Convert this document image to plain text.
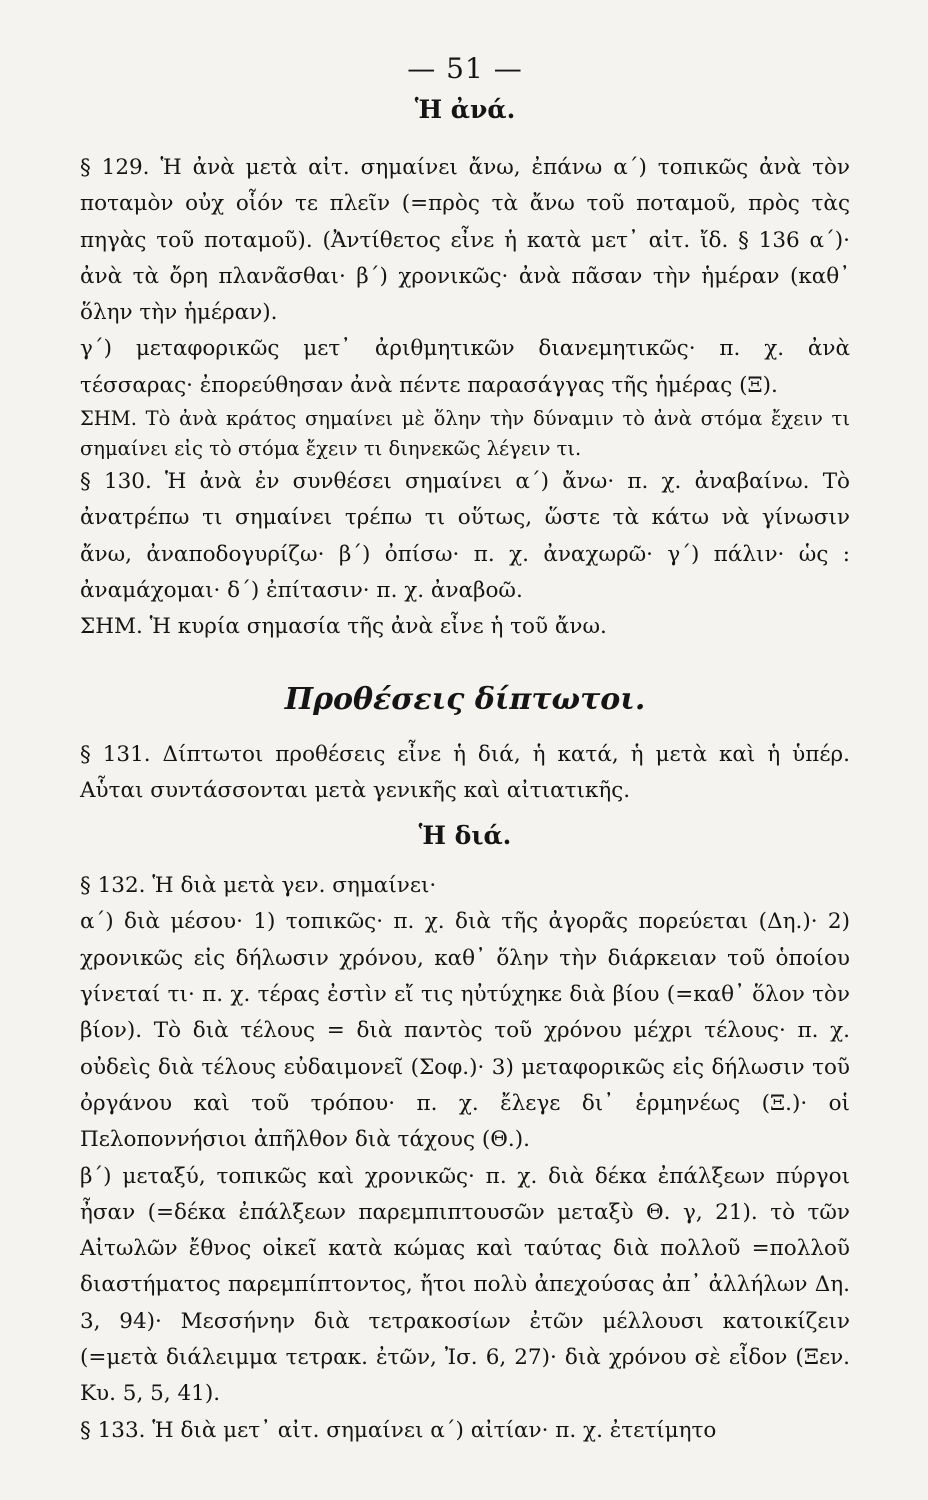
— 51 —
Ἡ ἀνά.

§ 129. Ἡ ἀνὰ μετὰ αἰτ. σημαίνει ἄνω, ἐπάνω α΄) τοπικῶς ἀνὰ τὸν ποταμὸν οὐχ οἷόν τε πλεῖν (=πρὸς τὰ ἄνω τοῦ ποταμοῦ, πρὸς τὰς πηγὰς τοῦ ποταμοῦ). (Ἀντίθετος εἶνε ἡ κατὰ μετ᾿ αἰτ. ἴδ. § 136 α΄)· ἀνὰ τὰ ὄρη πλανᾶσθαι· β΄) χρονικῶς· ἀνὰ πᾶσαν τὴν ἡμέραν (καθ᾿ ὅλην τὴν ἡμέραν).

γ΄) μεταφορικῶς μετ᾿ ἀριθμητικῶν διανεμητικῶς· π. χ. ἀνὰ τέσσαρας· ἐπορεύθησαν ἀνὰ πέντε παρασάγγας τῆς ἡμέρας (Ξ).

ΣΗΜ. Τὸ ἀνὰ κράτος σημαίνει μὲ ὅλην τὴν δύναμιν τὸ ἀνὰ στόμα ἔχειν τι σημαίνει εἰς τὸ στόμα ἔχειν τι διηνεκῶς λέγειν τι.

§ 130. Ἡ ἀνὰ ἐν συνθέσει σημαίνει α΄) ἄνω· π. χ. ἀναβαίνω. Τὸ ἀνατρέπω τι σημαίνει τρέπω τι οὕτως, ὥστε τὰ κάτω νὰ γίνωσιν ἄνω, ἀναποδογυρίζω· β΄) ὀπίσω· π. χ. ἀναχωρῶ· γ΄) πάλιν· ὡς : ἀναμάχομαι· δ΄) ἐπίτασιν· π. χ. ἀναβοῶ.

ΣΗΜ. Ἡ κυρία σημασία τῆς ἀνὰ εἶνε ἡ τοῦ ἄνω.

Προθέσεις δίπτωτοι.

§ 131. Δίπτωτοι προθέσεις εἶνε ἡ διά, ἡ κατά, ἡ μετὰ καὶ ἡ ὑπέρ. Αὗται συντάσσονται μετὰ γενικῆς καὶ αἰτιατικῆς.

Ἡ διά.

§ 132. Ἡ διὰ μετὰ γεν. σημαίνει·

α΄) διὰ μέσου· 1) τοπικῶς· π. χ. διὰ τῆς ἀγορᾶς πορεύεται (Δη.)· 2) χρονικῶς εἰς δήλωσιν χρόνου, καθ᾿ ὅλην τὴν διάρκειαν τοῦ ὁποίου γίνεταί τι· π. χ. τέρας ἐστὶν εἴ τις ηὐτύχηκε διὰ βίου (=καθ᾿ ὅλον τὸν βίον). Τὸ διὰ τέλους = διὰ παντὸς τοῦ χρόνου μέχρι τέλους· π. χ. οὐδεὶς διὰ τέλους εὐδαιμονεῖ (Σοφ.)· 3) μεταφορικῶς εἰς δήλωσιν τοῦ ὀργάνου καὶ τοῦ τρόπου· π. χ. ἔλεγε δι᾿ ἑρμηνέως (Ξ.)· οἱ Πελοποννήσιοι ἀπῆλθον διὰ τάχους (Θ.).

β΄) μεταξύ, τοπικῶς καὶ χρονικῶς· π. χ. διὰ δέκα ἐπάλξεων πύργοι ἦσαν (=δέκα ἐπάλξεων παρεμπιπτουσῶν μεταξὺ Θ. γ, 21). τὸ τῶν Αἰτωλῶν ἔθνος οἰκεῖ κατὰ κώμας καὶ ταύτας διὰ πολλοῦ =πολλοῦ διαστήματος παρεμπίπτοντος, ἤτοι πολὺ ἀπεχούσας ἀπ᾿ ἀλλήλων Δη. 3, 94)· Μεσσήνην διὰ τετρακοσίων ἐτῶν μέλλουσι κατοικίζειν (=μετὰ διάλειμμα τετρακ. ἐτῶν, Ἰσ. 6, 27)· διὰ χρόνου σὲ εἶδον (Ξεν. Κυ. 5, 5, 41).

§ 133. Ἡ διὰ μετ᾿ αἰτ. σημαίνει α΄) αἰτίαν· π. χ. ἐτετίμητο
